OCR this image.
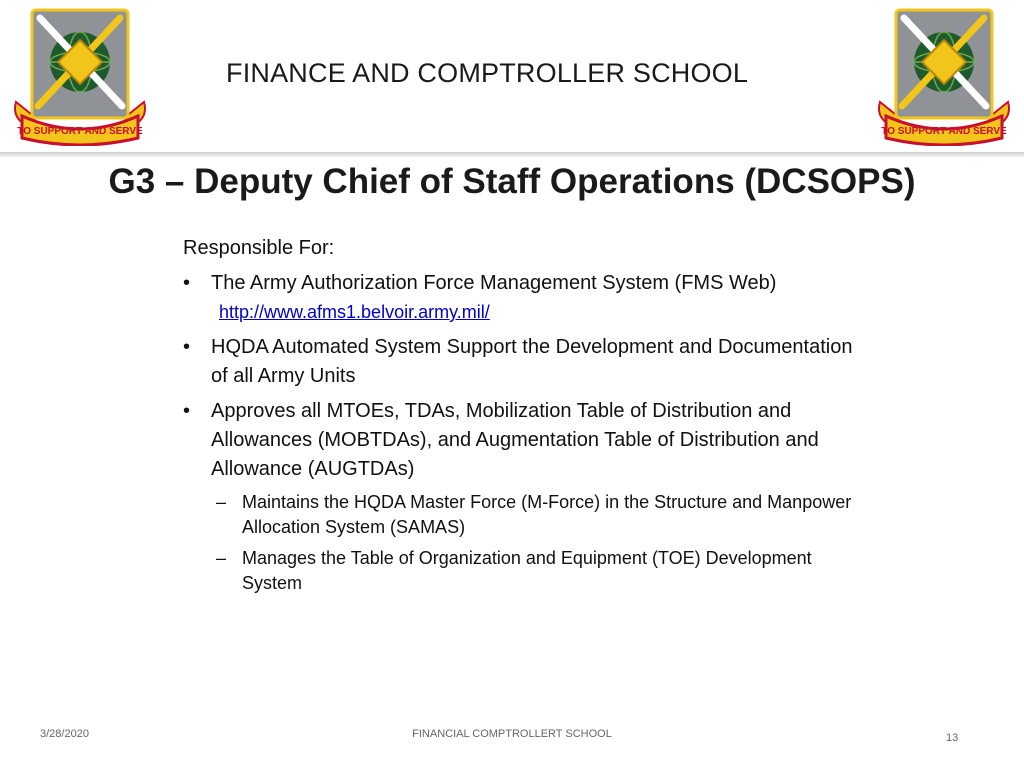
TO SUPPORT AND SERVE
FINANCE AND COMPTROLLER SCHOOL
TO SUPPORT AND SERVE
G3 – Deputy Chief of Staff Operations (DCSOPS)
Responsible For:
• The Army Authorization Force Management System (FMS Web) http://www.afms1.belvoir.army.mil/
• HQDA Automated System Support the Development and Documentation of all Army Units
• Approves all MTOEs, TDAs, Mobilization Table of Distribution and Allowances (MOBTDAs), and Augmentation Table of Distribution and Allowance (AUGTDAs)
– Maintains the HQDA Master Force (M-Force) in the Structure and Manpower Allocation System (SAMAS)
– Manages the Table of Organization and Equipment (TOE) Development System
3/28/2020	FINANCIAL COMPTROLLERT SCHOOL	13
